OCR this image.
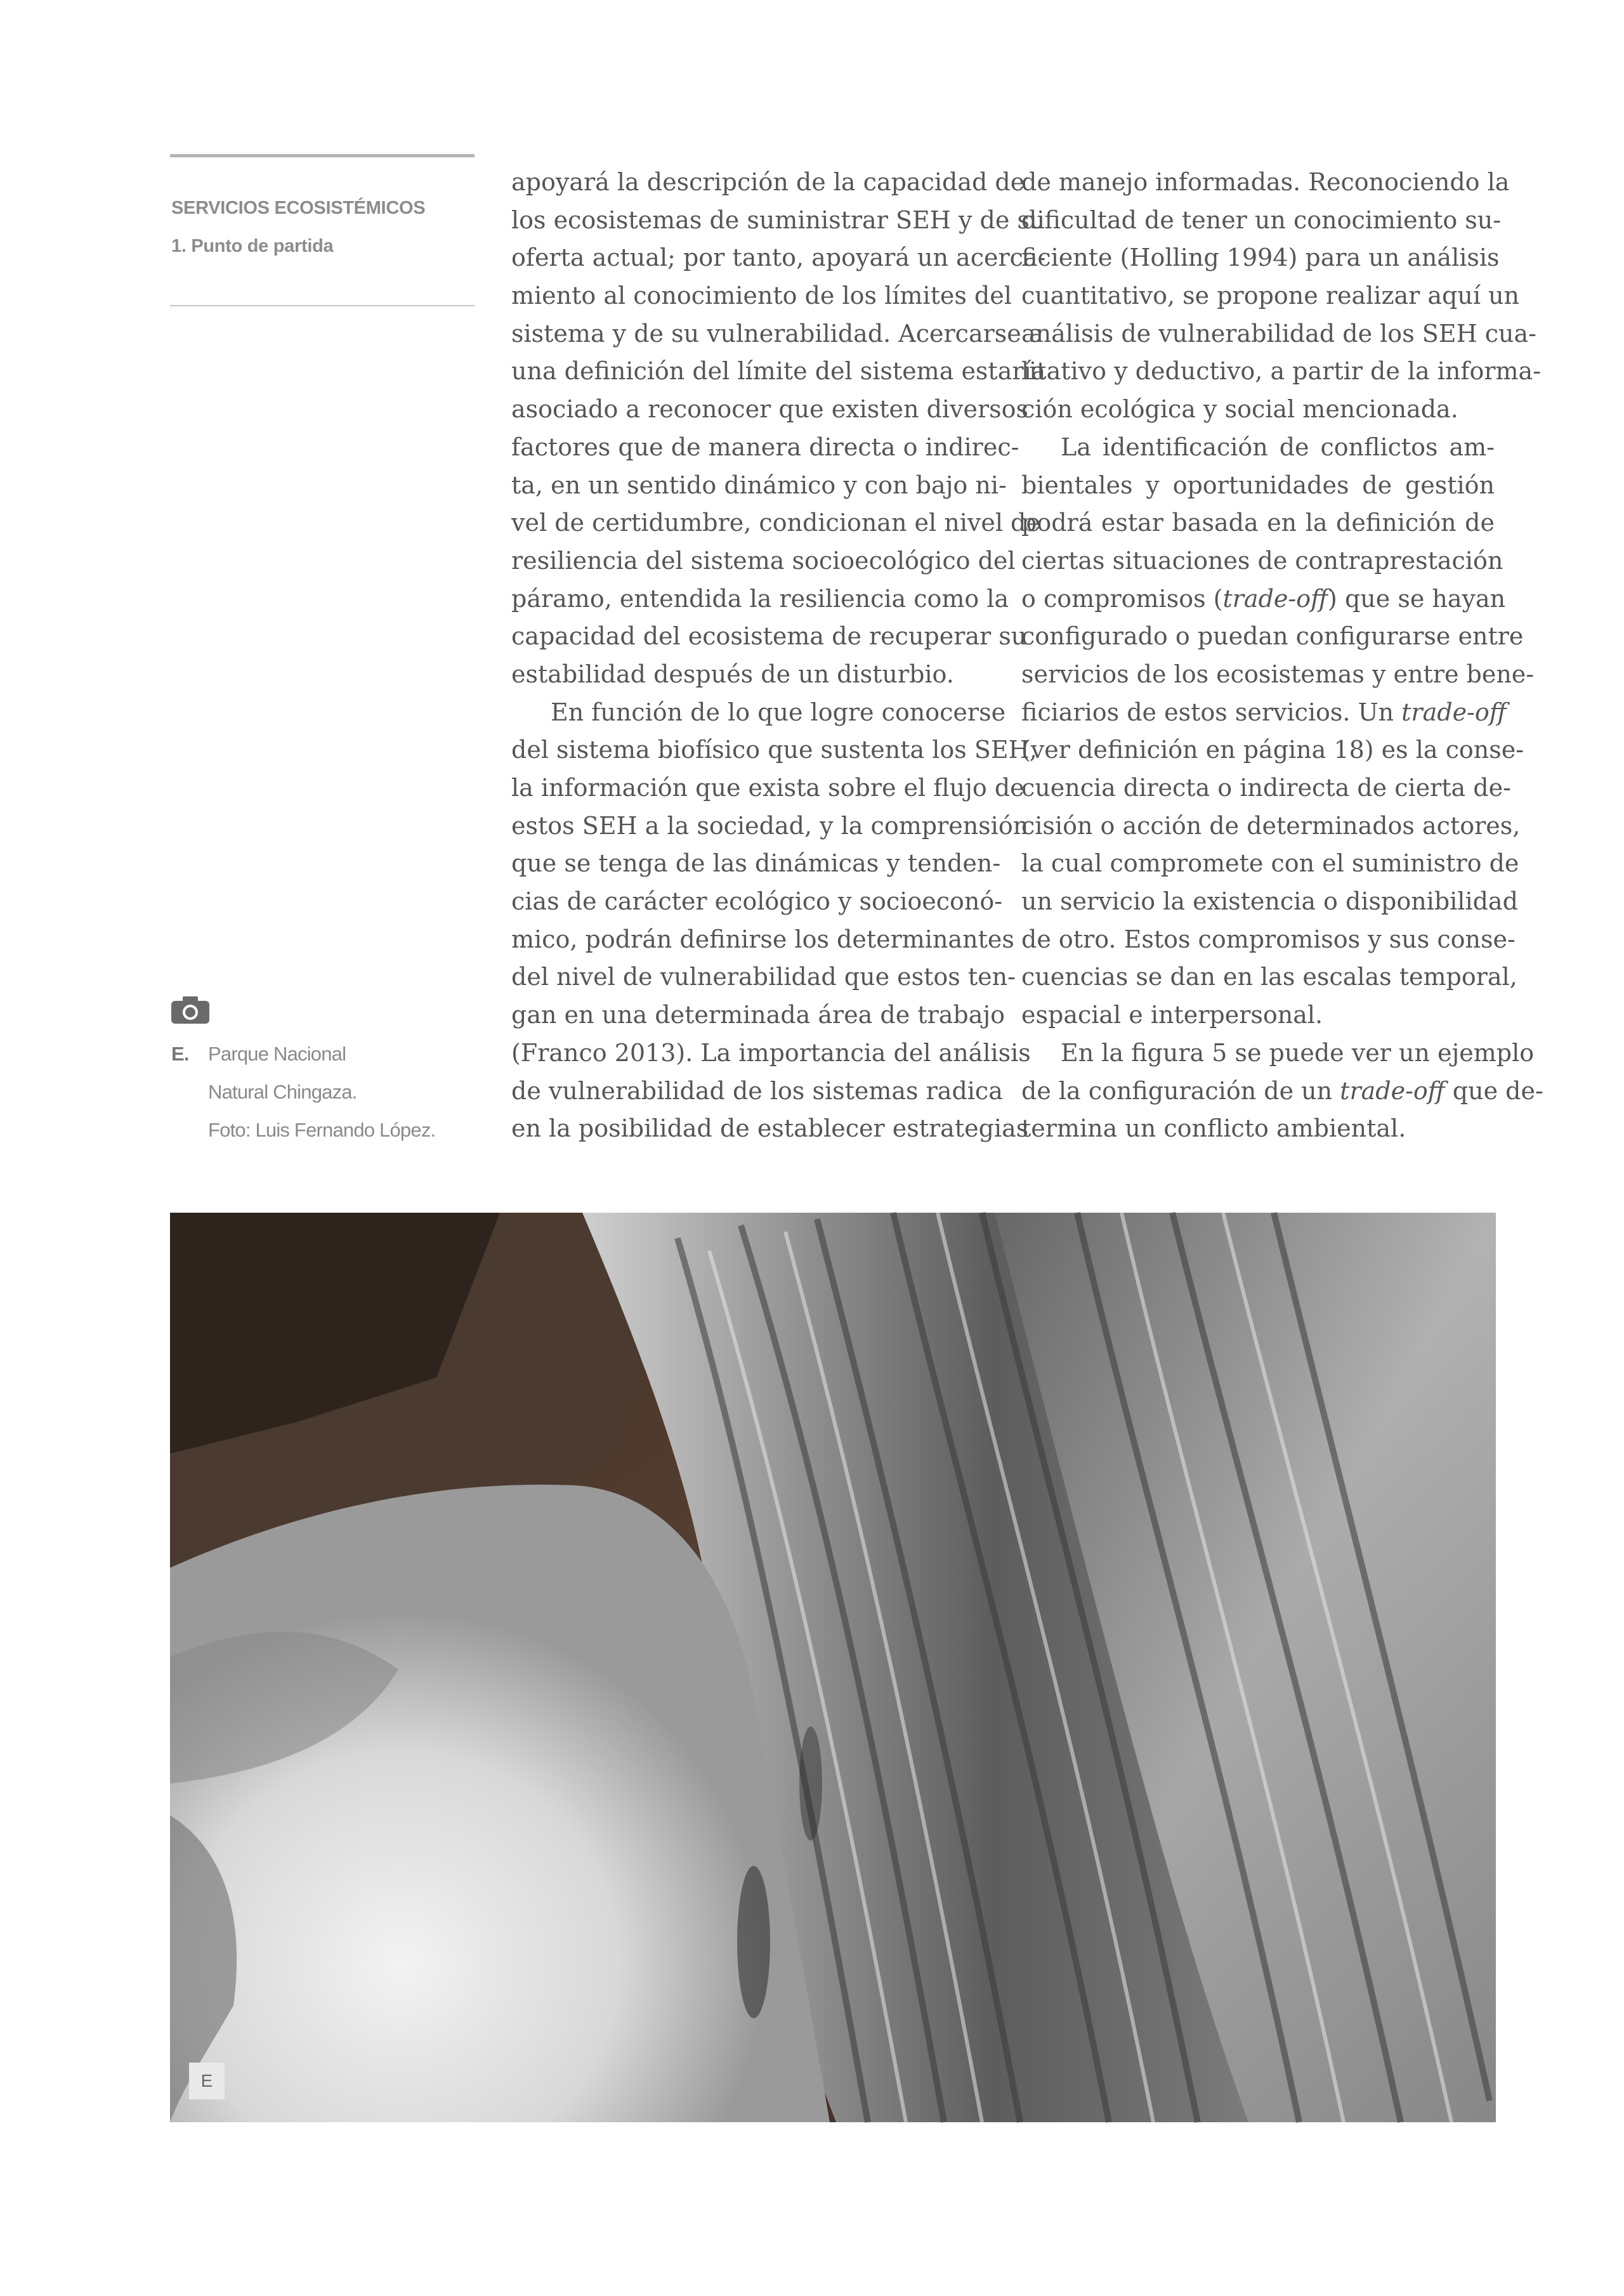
SERVICIOS ECOSISTÉMICOS
1. Punto de partida
E. Parque Nacional
Natural Chingaza.
Foto: Luis Fernando López.
apoyará la descripción de la capacidad de
los ecosistemas de suministrar SEH y de su
oferta actual; por tanto, apoyará un acerca-
miento al conocimiento de los límites del
sistema y de su vulnerabilidad. Acercarse a
una definición del límite del sistema estaría
asociado a reconocer que existen diversos
factores que de manera directa o indirec-
ta, en un sentido dinámico y con bajo ni-
vel de certidumbre, condicionan el nivel de
resiliencia del sistema socioecológico del
páramo, entendida la resiliencia como la
capacidad del ecosistema de recuperar su
estabilidad después de un disturbio.
En función de lo que logre conocerse
del sistema biofísico que sustenta los SEH,
la información que exista sobre el flujo de
estos SEH a la sociedad, y la comprensión
que se tenga de las dinámicas y tenden-
cias de carácter ecológico y socioeconó-
mico, podrán definirse los determinantes
del nivel de vulnerabilidad que estos ten-
gan en una determinada área de trabajo
(Franco 2013). La importancia del análisis
de vulnerabilidad de los sistemas radica
en la posibilidad de establecer estrategias
de manejo informadas. Reconociendo la
dificultad de tener un conocimiento su-
ficiente (Holling 1994) para un análisis
cuantitativo, se propone realizar aquí un
análisis de vulnerabilidad de los SEH cua-
litativo y deductivo, a partir de la informa-
ción ecológica y social mencionada.
La identificación de conflictos am-
bientales y oportunidades de gestión
podrá estar basada en la definición de
ciertas situaciones de contraprestación
o compromisos (trade-off) que se hayan
configurado o puedan configurarse entre
servicios de los ecosistemas y entre bene-
ficiarios de estos servicios. Un trade-off
(ver definición en página 18) es la conse-
cuencia directa o indirecta de cierta de-
cisión o acción de determinados actores,
la cual compromete con el suministro de
un servicio la existencia o disponibilidad
de otro. Estos compromisos y sus conse-
cuencias se dan en las escalas temporal,
espacial e interpersonal.
En la figura 5 se puede ver un ejemplo
de la configuración de un trade-off que de-
termina un conflicto ambiental.
E
